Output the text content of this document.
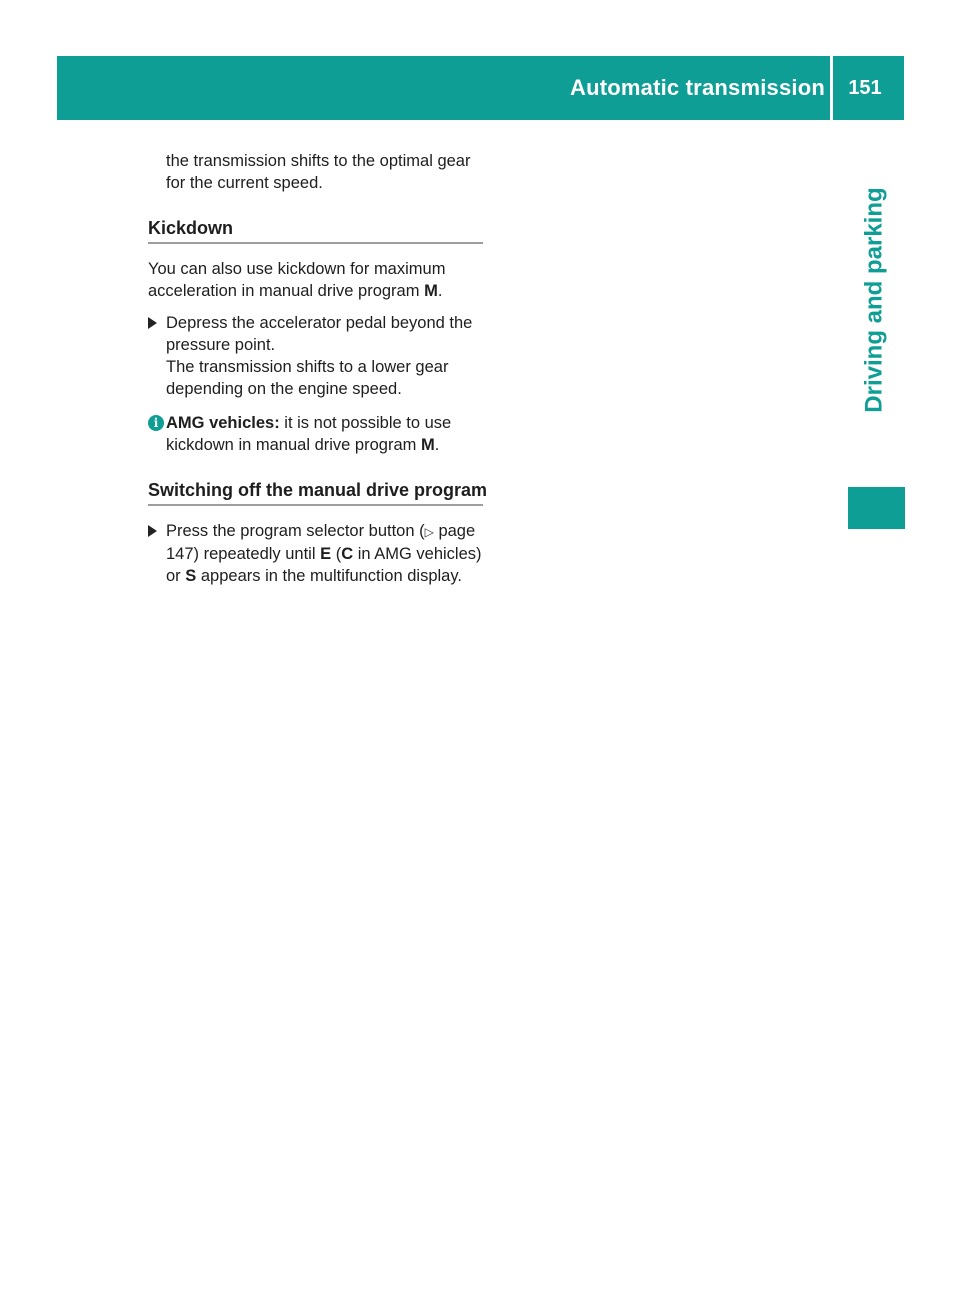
Automatic transmission	151
Driving and parking

the transmission shifts to the optimal gear

for the current speed.

Kickdown

You can also use kickdown for maximum acceleration in manual drive program M.

Depress the accelerator pedal beyond the pressure point.

The transmission shifts to a lower gear depending on the engine speed.

i AMG vehicles: it is not possible to use kickdown in manual drive program M.

Switching off the manual drive program

Press the program selector button (▷ page 147) repeatedly until E (C in AMG vehicles) or S appears in the multifunction display.
